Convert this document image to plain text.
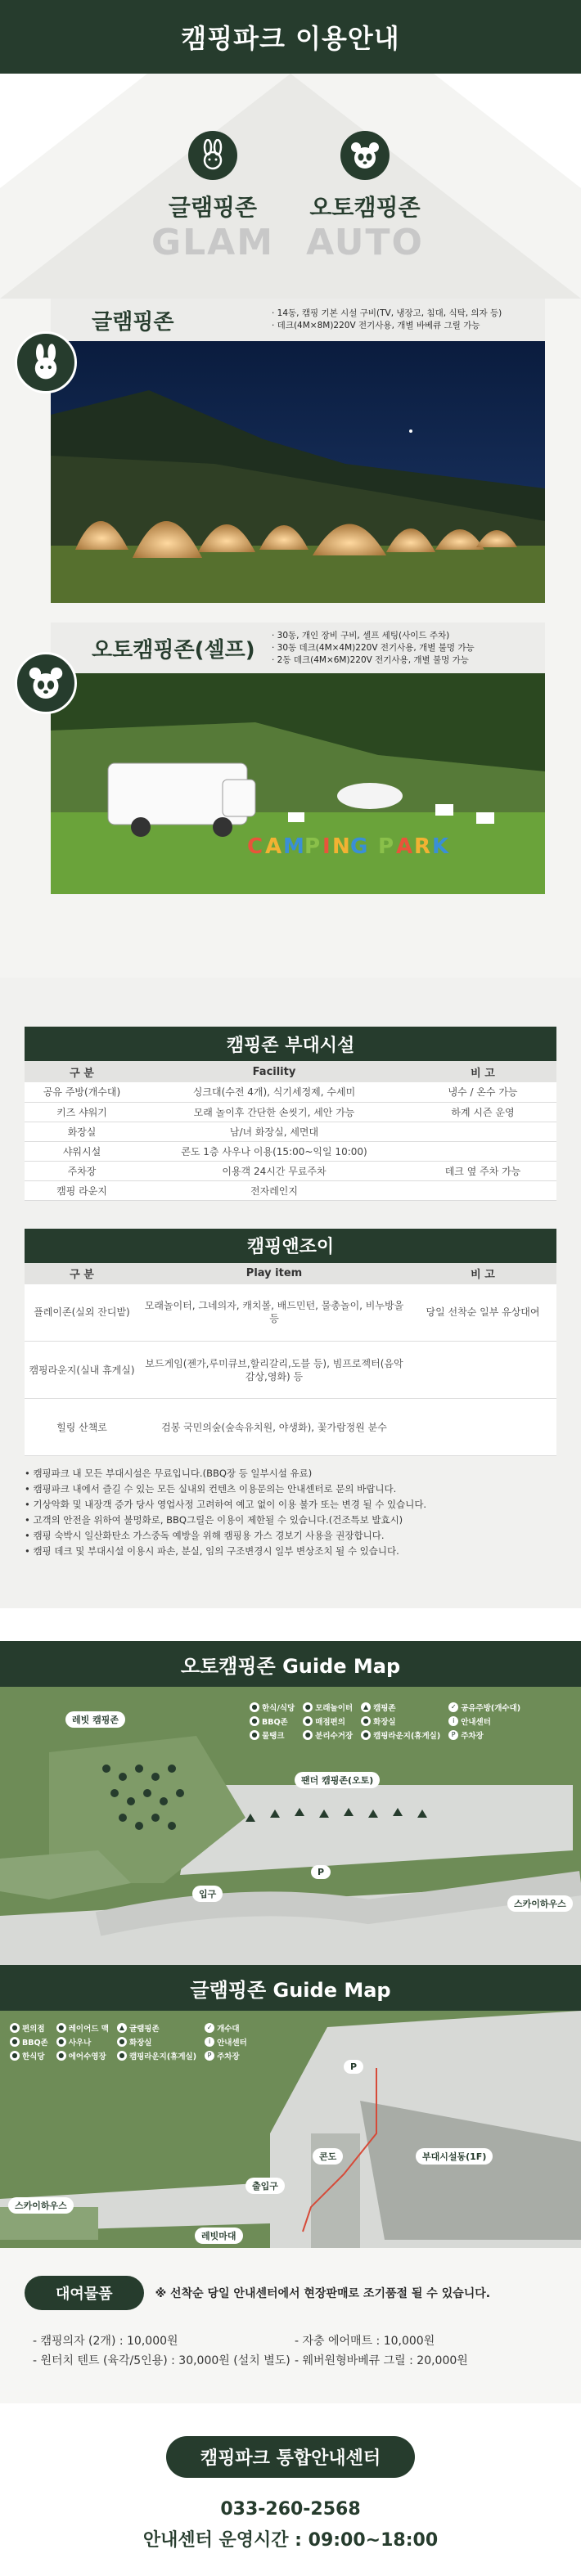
캠핑파크 이용안내
글램핑존
GLAM
오토캠핑존
AUTO
글램핑존	· 14동, 캠핑 기본 시설 구비(TV, 냉장고, 침대, 식탁, 의자 등)
· 데크(4M×8M)220V 전기사용, 개별 바베큐 그릴 가능
오토캠핑존(셀프)
· 30동, 개인 장비 구비, 셀프 세팅(사이드 주차)
· 30동 데크(4M×4M)220V 전기사용, 개별 불멍 가능
· 2동 데크(4M×6M)220V 전기사용, 개별 불멍 가능
C A M P I N G P A R K
캠핑존 부대시설
구 분	Facility	비 고
공유 주방(개수대)	싱크대(수전 4개), 식기세정제, 수세미	냉수 / 온수 가능
키즈 샤워기	모래 놀이후 간단한 손씻기, 세안 가능	하계 시즌 운영
화장실	남/녀 화장실, 세면대	
샤워시설	콘도 1층 사우나 이용(15:00~익일 10:00)	
주차장	이용객 24시간 무료주차	데크 옆 주차 가능
캠핑 라운지	전자레인지	
캠핑앤조이
구 분	Play item	비 고
플레이존(실외 잔디밭)	모래놀이터, 그네의자, 캐치볼, 배드민턴, 물총놀이, 비누방울 등	당일 선착순 일부 유상대여
캠핑라운지(실내 휴게실)	보드게임(젠가,루미큐브,할리갈리,도블 등), 빔프로젝터(음악감상,영화) 등	
힐링 산책로	검봉 국민의숲(숲속유치원, 야생화), 꽃가람정원 분수	
• 캠핑파크 내 모든 부대시설은 무료입니다.(BBQ장 등 일부시설 유료)
• 캠핑파크 내에서 즐길 수 있는 모든 실내외 컨텐츠 이용문의는 안내센터로 문의 바랍니다.
• 기상악화 및 내장객 증가 당사 영업사정 고려하여 예고 없이 이용 불가 또는 변경 될 수 있습니다.
• 고객의 안전을 위하여 불멍화로, BBQ그릴은 이용이 제한될 수 있습니다.(건조특보 발효시)
• 캠핑 숙박시 일산화탄소 가스중독 예방을 위해 캠핑용 가스 경보기 사용을 권장합니다.
• 캠핑 데크 및 부대시설 이용시 파손, 분실, 임의 구조변경시 일부 변상조치 될 수 있습니다.
오토캠핑존 Guide Map
레빗 캠핑존
팬더 캠핑존(오토)
입구
스카이하우스
P
● 한식/식당	● 모래놀이터	▲ 캠핑존	✓ 공유주방(개수대)
● BBQ존	● 매점편의	● 화장실	i 안내센터
● 물탱크	● 분리수거장	● 캠핑라운지(휴게실)	P 주차장
글램핑존 Guide Map
콘도	부대시설동(1F)
출입구
스카이하우스
레빗마대
P
● 편의점	● 레이어드 맥	▲ 글램핑존	✓ 개수대
● BBQ존	● 사우나	● 화장실	i 안내센터
● 한식당	● 에어수영장	● 캠핑라운지(휴게실)	P 주차장
대여물품	※ 선착순 당일 안내센터에서 현장판매로 조기품절 될 수 있습니다.
- 캠핑의자 (2개) : 10,000원	- 자충 에어매트 : 10,000원
- 원터치 텐트 (육각/5인용) : 30,000원 (설치 별도) - 웨버원형바베큐 그릴 : 20,000원
캠핑파크 통합안내센터
033-260-2568
안내센터 운영시간 : 09:00~18:00
